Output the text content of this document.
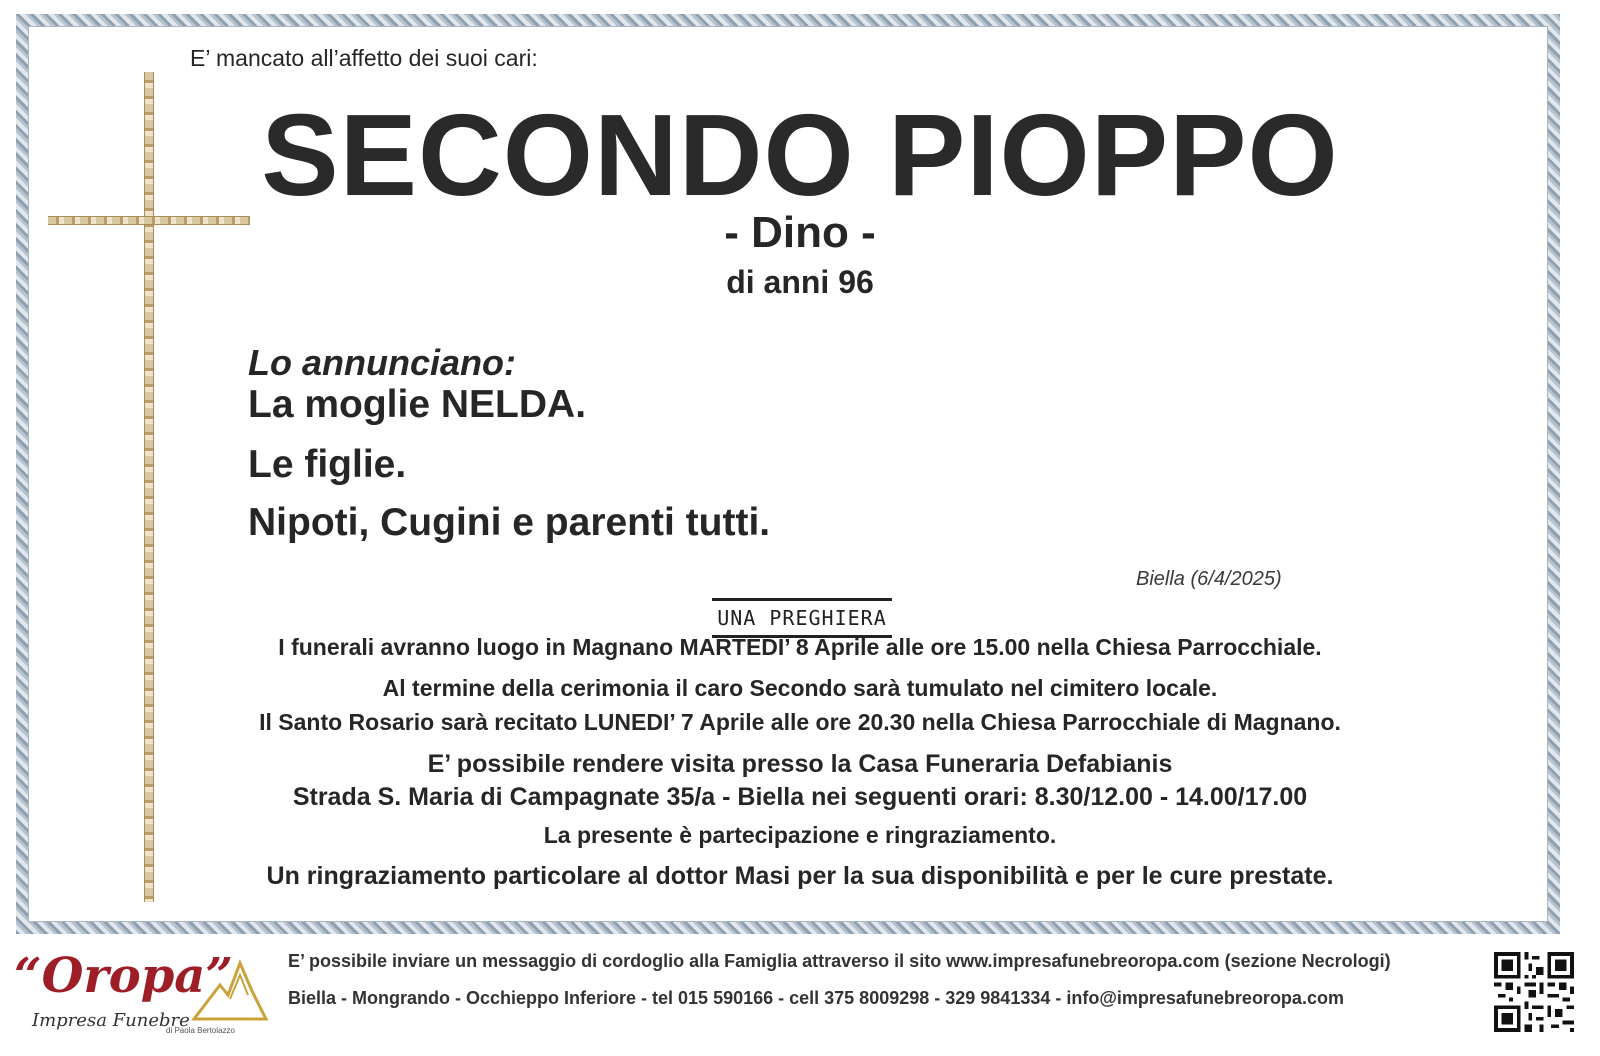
E’ mancato all’affetto dei suoi cari:
SECONDO PIOPPO
- Dino -
di anni 96
Lo annunciano:
La moglie NELDA.
Le figlie.
Nipoti, Cugini e parenti tutti.
Biella (6/4/2025)
UNA PREGHIERA
I funerali avranno luogo in Magnano MARTEDI’ 8 Aprile alle ore 15.00 nella Chiesa Parrocchiale.
Al termine della cerimonia il caro Secondo sarà tumulato nel cimitero locale.
Il Santo Rosario sarà recitato LUNEDI’ 7 Aprile alle ore 20.30 nella Chiesa Parrocchiale di Magnano.
E’ possibile rendere visita presso la Casa Funeraria Defabianis
Strada S. Maria di Campagnate 35/a - Biella nei seguenti orari: 8.30/12.00 - 14.00/17.00
La presente è partecipazione e ringraziamento.
Un ringraziamento particolare al dottor Masi per la sua disponibilità e per le cure prestate.
“Oropa”
Impresa Funebre
di Paola Bertolazzo
E’ possibile inviare un messaggio di cordoglio alla Famiglia attraverso il sito www.impresafunebreoropa.com (sezione Necrologi)
Biella - Mongrando - Occhieppo Inferiore - tel 015 590166 - cell 375 8009298 - 329 9841334 - info@impresafunebreoropa.com
